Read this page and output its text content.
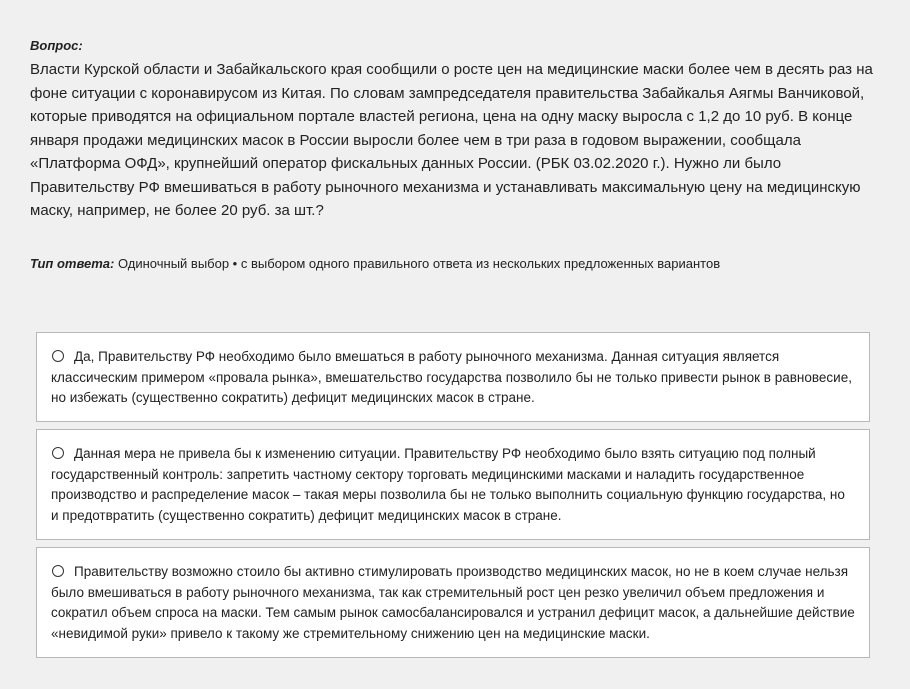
Вопрос:
Власти Курской области и Забайкальского края сообщили о росте цен на медицинские маски более чем в десять раз на фоне ситуации с коронавирусом из Китая. По словам зампредседателя правительства Забайкалья Аягмы Ванчиковой, которые приводятся на официальном портале властей региона, цена на одну маску выросла с 1,2 до 10 руб. В конце января продажи медицинских масок в России выросли более чем в три раза в годовом выражении, сообщала «Платформа ОФД», крупнейший оператор фискальных данных России. (РБК 03.02.2020 г.). Нужно ли было Правительству РФ вмешиваться в работу рыночного механизма и устанавливать максимальную цену на медицинскую маску, например, не более 20 руб. за шт.?
Тип ответа: Одиночный выбор • с выбором одного правильного ответа из нескольких предложенных вариантов
Да, Правительству РФ необходимо было вмешаться в работу рыночного механизма. Данная ситуация является классическим примером «провала рынка», вмешательство государства позволило бы не только привести рынок в равновесие, но избежать (существенно сократить) дефицит медицинских масок в стране.
Данная мера не привела бы к изменению ситуации. Правительству РФ необходимо было взять ситуацию под полный государственный контроль: запретить частному сектору торговать медицинскими масками и наладить государственное производство и распределение масок – такая меры позволила бы не только выполнить социальную функцию государства, но и предотвратить (существенно сократить) дефицит медицинских масок в стране.
Правительству возможно стоило бы активно стимулировать производство медицинских масок, но не в коем случае нельзя было вмешиваться в работу рыночного механизма, так как стремительный рост цен резко увеличил объем предложения и сократил объем спроса на маски. Тем самым рынок самосбалансировался и устранил дефицит масок, а дальнейшие действие «невидимой руки» привело к такому же стремительному снижению цен на медицинские маски.
